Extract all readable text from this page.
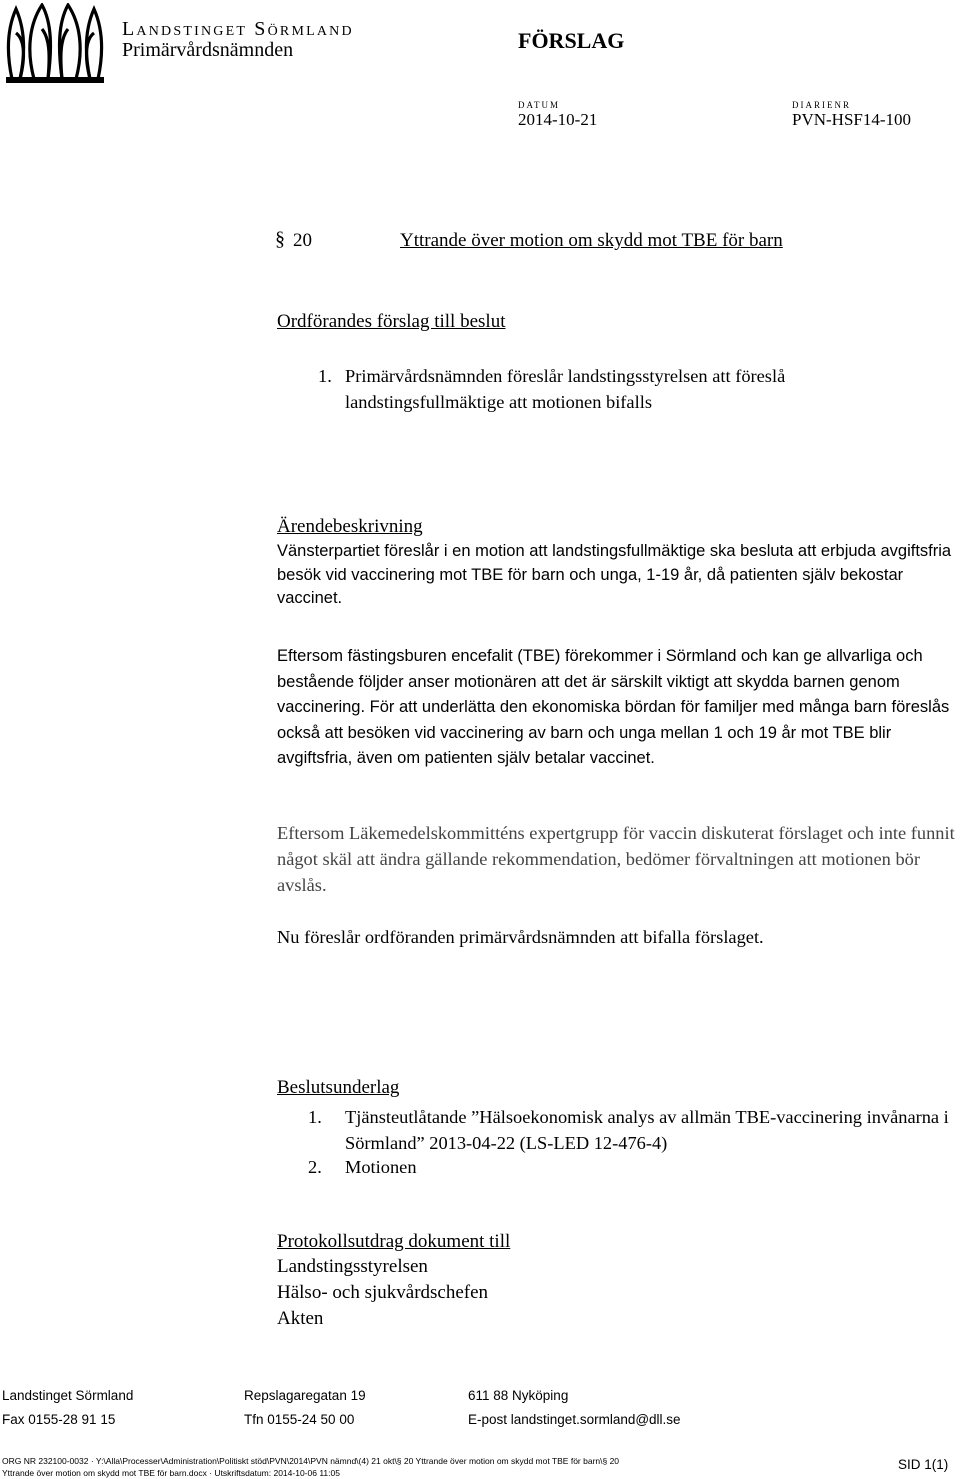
Landstinget Sörmland
Primärvårdsnämnden	FÖRSLAG
DATUM
2014-10-21
DIARIENR
PVN-HSF14-100
§ 20	Yttrande över motion om skydd mot TBE för barn
Ordförandes förslag till beslut
1. Primärvårdsnämnden föreslår landstingsstyrelsen att föreslå landstingsfullmäktige att motionen bifalls
Ärendebeskrivning
Vänsterpartiet föreslår i en motion att landstingsfullmäktige ska besluta att erbjuda avgiftsfria besök vid vaccinering mot TBE för barn och unga, 1-19 år, då patienten själv bekostar vaccinet.
Eftersom fästingsburen encefalit (TBE) förekommer i Sörmland och kan ge allvarliga och bestående följder anser motionären att det är särskilt viktigt att skydda barnen genom vaccinering. För att underlätta den ekonomiska bördan för familjer med många barn föreslås också att besöken vid vaccinering av barn och unga mellan 1 och 19 år mot TBE blir avgiftsfria, även om patienten själv betalar vaccinet.
Eftersom Läkemedelskommitténs expertgrupp för vaccin diskuterat förslaget och inte funnit något skäl att ändra gällande rekommendation, bedömer förvaltningen att motionen bör avslås.
Nu föreslår ordföranden primärvårdsnämnden att bifalla förslaget.
Beslutsunderlag
1. Tjänsteutlåtande ”Hälsoekonomisk analys av allmän TBE-vaccinering invånarna i Sörmland” 2013-04-22 (LS-LED 12-476-4)
2. Motionen
Protokollsutdrag dokument till
Landstingsstyrelsen
Hälso- och sjukvårdschefen
Akten
Landstinget Sörmland	Repslagaregatan 19	611 88 Nyköping
Fax 0155-28 91 15	Tfn 0155-24 50 00	E-post landstinget.sormland@dll.se
ORG NR 232100-0032 · Y:\Alla\Processer\Administration\Politiskt stöd\PVN\2014\PVN nämnd\(4) 21 okt\§ 20 Yttrande över motion om skydd mot TBE för barn\§ 20
Yttrande över motion om skydd mot TBE för barn.docx · Utskriftsdatum: 2014-10-06 11:05
SID 1(1)
